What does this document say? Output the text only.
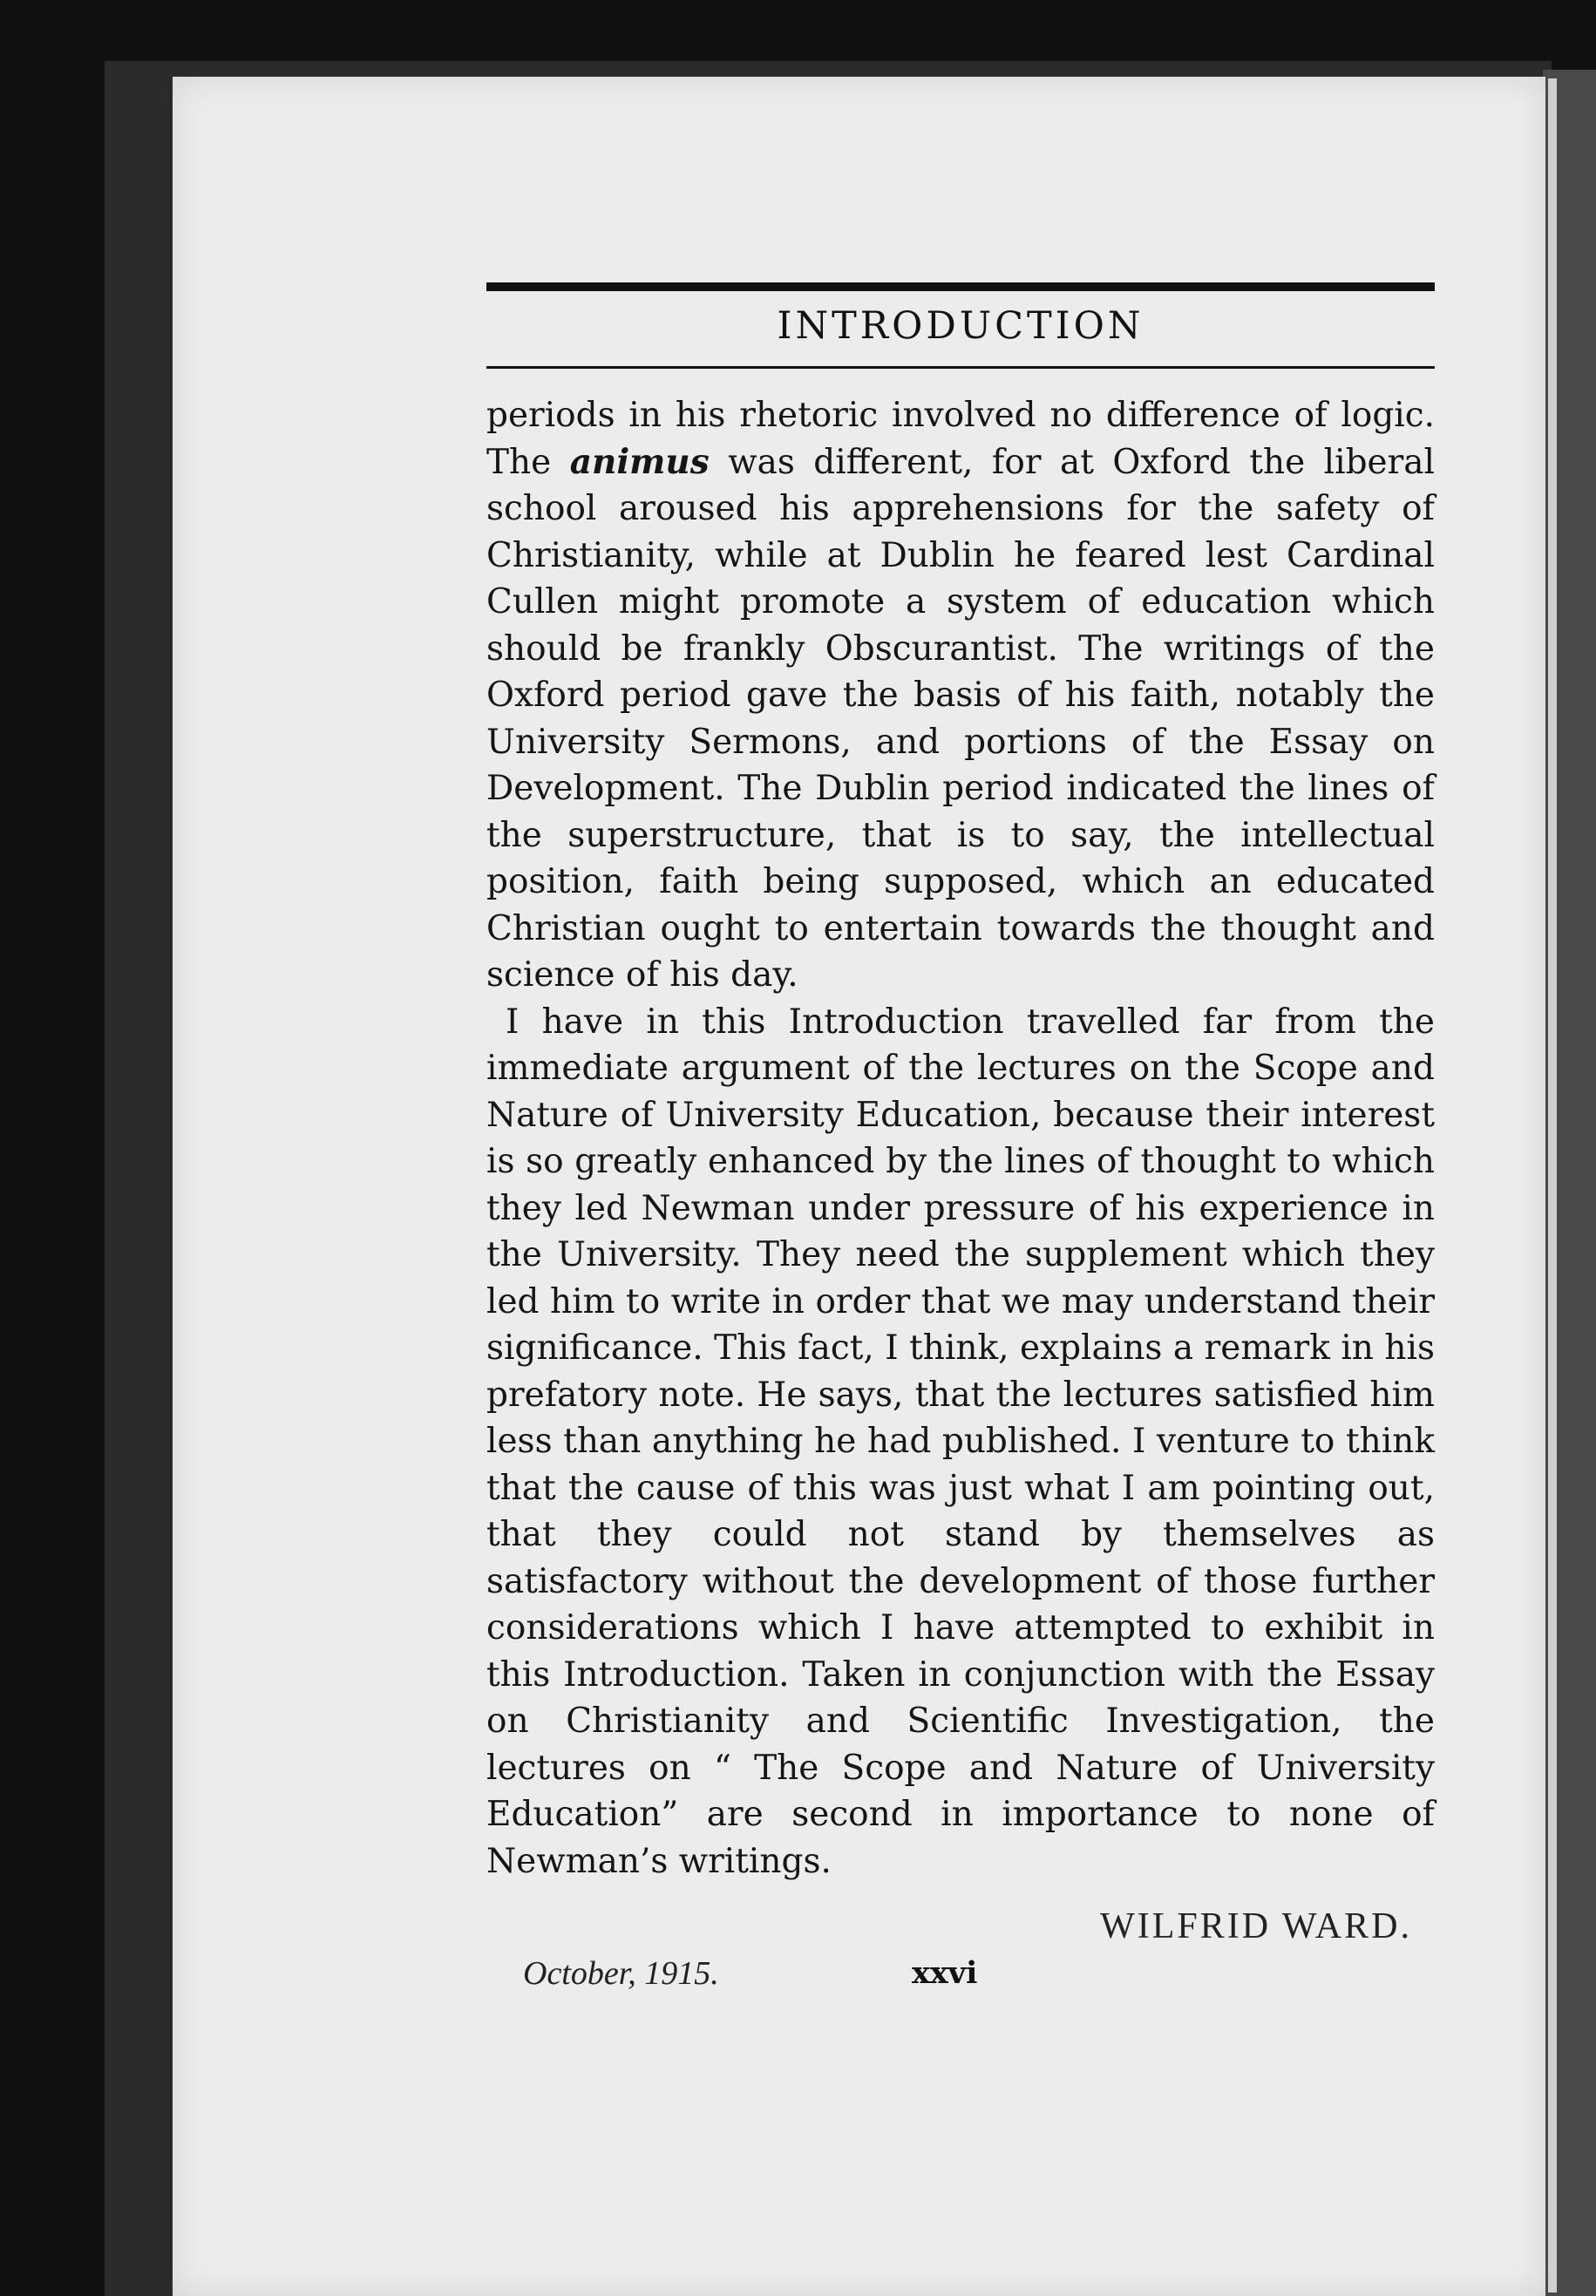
INTRODUCTION

periods in his rhetoric involved no difference of logic. The animus was different, for at Oxford the liberal school aroused his apprehensions for the safety of Christianity, while at Dublin he feared lest Cardinal Cullen might promote a system of education which should be frankly Obscurantist. The writings of the Oxford period gave the basis of his faith, notably the University Sermons, and portions of the Essay on Development. The Dublin period indicated the lines of the superstructure, that is to say, the intellectual position, faith being supposed, which an educated Christian ought to entertain towards the thought and science of his day.

I have in this Introduction travelled far from the immediate argument of the lectures on the Scope and Nature of University Education, because their interest is so greatly enhanced by the lines of thought to which they led Newman under pressure of his experience in the University. They need the supplement which they led him to write in order that we may understand their significance. This fact, I think, explains a remark in his prefatory note. He says, that the lectures satisfied him less than anything he had published. I venture to think that the cause of this was just what I am pointing out, that they could not stand by themselves as satisfactory without the development of those further considerations which I have attempted to exhibit in this Introduction. Taken in conjunction with the Essay on Christianity and Scientific Investigation, the lectures on “ The Scope and Nature of University Education” are second in importance to none of Newman’s writings.

WILFRID WARD.
October, 1915.	xxvi
